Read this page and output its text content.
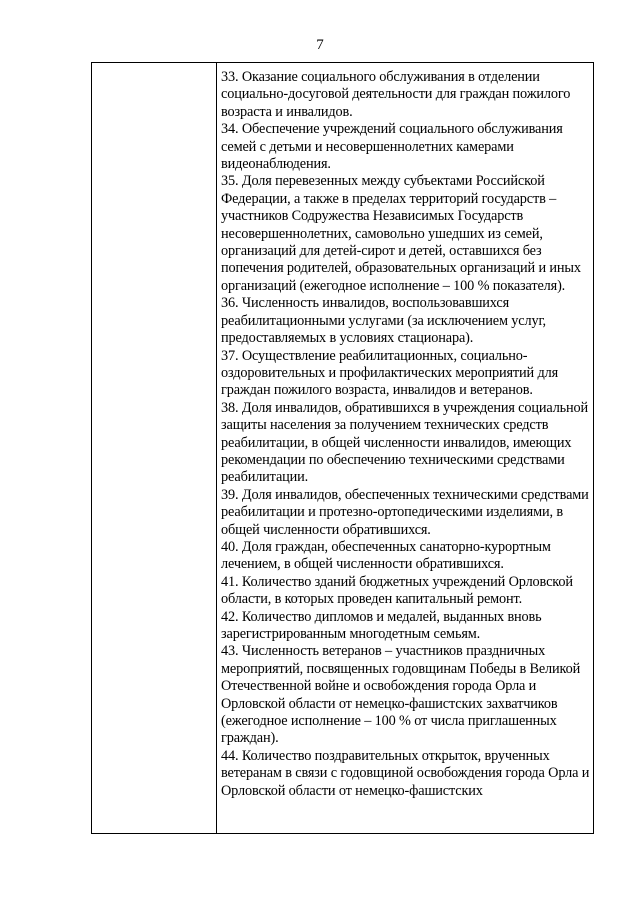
7

33. Оказание социального обслуживания в отделении социально-досуговой деятельности для граждан пожилого возраста и инвалидов.

34. Обеспечение учреждений социального обслуживания семей с детьми и несовершеннолетних камерами видеонаблюдения.

35. Доля перевезенных между субъектами Российской Федерации, а также в пределах территорий государств – участников Содружества Независимых Государств несовершеннолетних, самовольно ушедших из семей, организаций для детей-сирот и детей, оставшихся без попечения родителей, образовательных организаций и иных организаций (ежегодное исполнение – 100 % показателя).

36. Численность инвалидов, воспользовавшихся реабилитационными услугами (за исключением услуг, предоставляемых в условиях стационара).

37. Осуществление реабилитационных, социально-оздоровительных и профилактических мероприятий для граждан пожилого возраста, инвалидов и ветеранов.

38. Доля инвалидов, обратившихся в учреждения социальной защиты населения за получением технических средств реабилитации, в общей численности инвалидов, имеющих рекомендации по обеспечению техническими средствами реабилитации.

39. Доля инвалидов, обеспеченных техническими средствами реабилитации и протезно-ортопедическими изделиями, в общей численности обратившихся.

40. Доля граждан, обеспеченных санаторно-курортным лечением, в общей численности обратившихся.

41. Количество зданий бюджетных учреждений Орловской области, в которых проведен капитальный ремонт.

42. Количество дипломов и медалей, выданных вновь зарегистрированным многодетным семьям.

43. Численность ветеранов – участников праздничных мероприятий, посвященных годовщинам Победы в Великой Отечественной войне и освобождения города Орла и Орловской области от немецко-фашистских захватчиков (ежегодное исполнение – 100 % от числа приглашенных граждан).

44. Количество поздравительных открыток, врученных ветеранам в связи с годовщиной освобождения города Орла и Орловской области от немецко-фашистских
